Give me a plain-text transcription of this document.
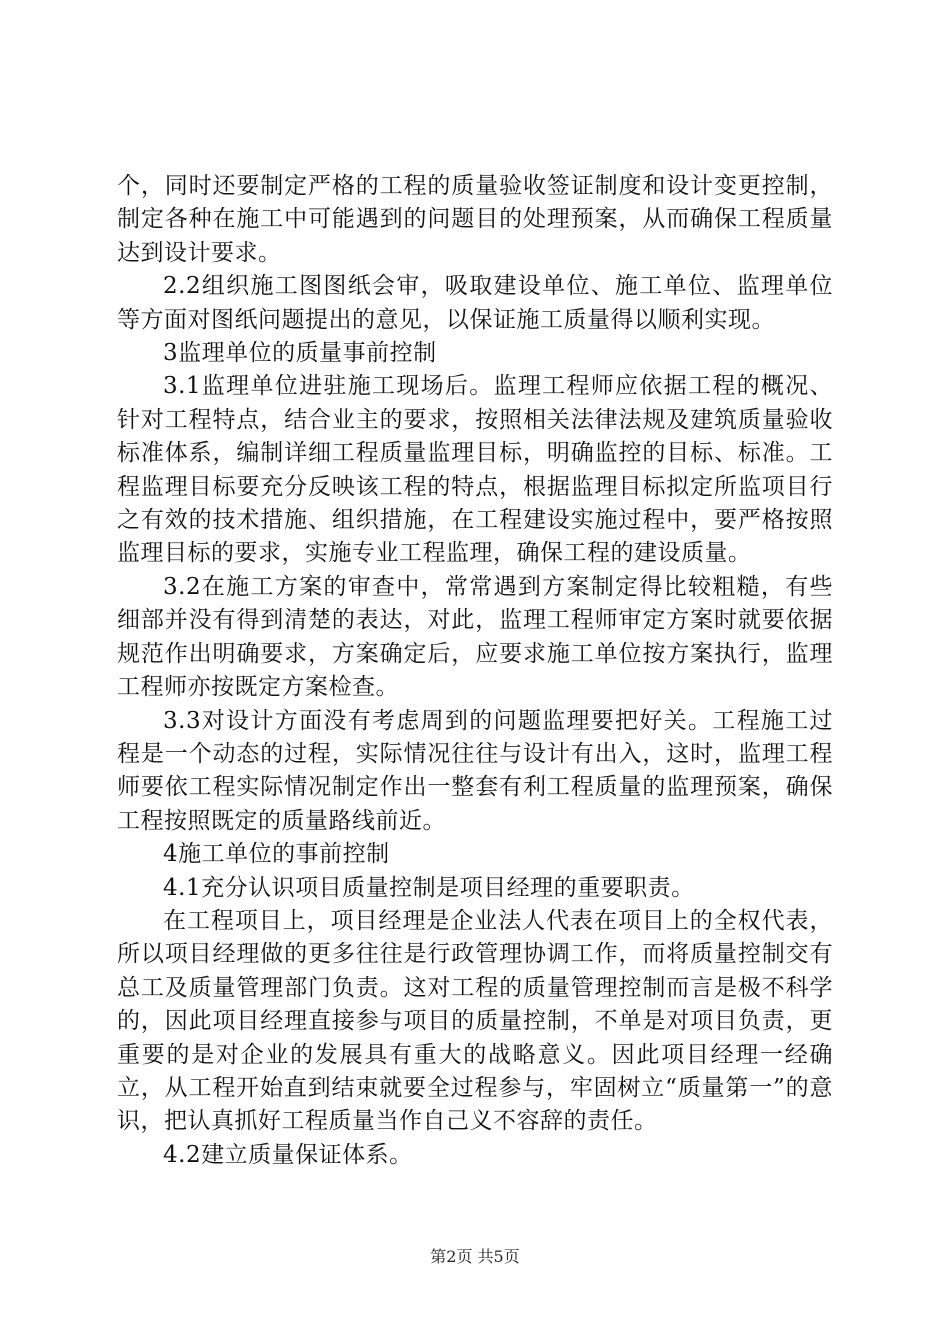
个，同时还要制定严格的工程的质量验收签证制度和设计变更控制，制定各种在施工中可能遇到的问题目的处理预案，从而确保工程质量达到设计要求。

2.2组织施工图图纸会审，吸取建设单位、施工单位、监理单位等方面对图纸问题提出的意见，以保证施工质量得以顺利实现。

3监理单位的质量事前控制

3.1监理单位进驻施工现场后。监理工程师应依据工程的概况、针对工程特点，结合业主的要求，按照相关法律法规及建筑质量验收标准体系，编制详细工程质量监理目标，明确监控的目标、标准。工程监理目标要充分反映该工程的特点，根据监理目标拟定所监项目行之有效的技术措施、组织措施，在工程建设实施过程中，要严格按照监理目标的要求，实施专业工程监理，确保工程的建设质量。

3.2在施工方案的审查中，常常遇到方案制定得比较粗糙，有些细部并没有得到清楚的表达，对此，监理工程师审定方案时就要依据规范作出明确要求，方案确定后，应要求施工单位按方案执行，监理工程师亦按既定方案检查。

3.3对设计方面没有考虑周到的问题监理要把好关。工程施工过程是一个动态的过程，实际情况往往与设计有出入，这时，监理工程师要依工程实际情况制定作出一整套有利工程质量的监理预案，确保工程按照既定的质量路线前近。

4施工单位的事前控制

4.1充分认识项目质量控制是项目经理的重要职责。

在工程项目上，项目经理是企业法人代表在项目上的全权代表，所以项目经理做的更多往往是行政管理协调工作，而将质量控制交有总工及质量管理部门负责。这对工程的质量管理控制而言是极不科学的，因此项目经理直接参与项目的质量控制，不单是对项目负责，更重要的是对企业的发展具有重大的战略意义。因此项目经理一经确立，从工程开始直到结束就要全过程参与，牢固树立“质量第一”的意识，把认真抓好工程质量当作自己义不容辞的责任。

4.2建立质量保证体系。

第2页 共5页
